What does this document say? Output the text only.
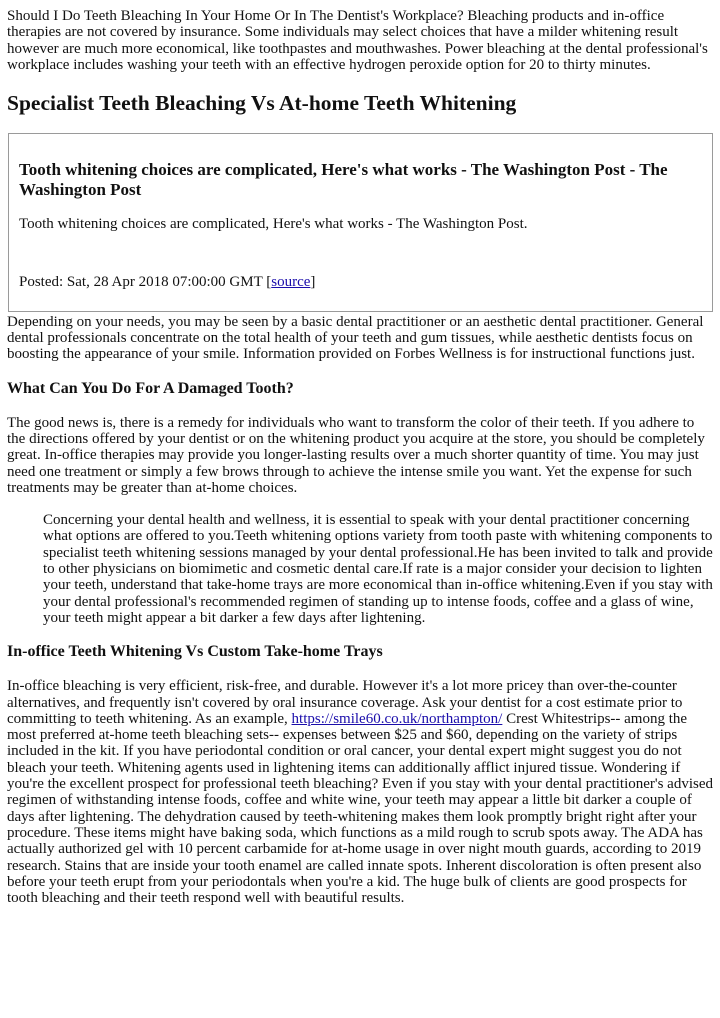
Should I Do Teeth Bleaching In Your Home Or In The Dentist's Workplace? Bleaching products and in-office therapies are not covered by insurance. Some individuals may select choices that have a milder whitening result however are much more economical, like toothpastes and mouthwashes. Power bleaching at the dental professional's workplace includes washing your teeth with an effective hydrogen peroxide option for 20 to thirty minutes.

Specialist Teeth Bleaching Vs At-home Teeth Whitening
Tooth whitening choices are complicated, Here's what works - The Washington Post - The Washington Post

Tooth whitening choices are complicated, Here's what works - The Washington Post.

Posted: Sat, 28 Apr 2018 07:00:00 GMT [source]

Depending on your needs, you may be seen by a basic dental practitioner or an aesthetic dental practitioner. General dental professionals concentrate on the total health of your teeth and gum tissues, while aesthetic dentists focus on boosting the appearance of your smile. Information provided on Forbes Wellness is for instructional functions just.

What Can You Do For A Damaged Tooth?

The good news is, there is a remedy for individuals who want to transform the color of their teeth. If you adhere to the directions offered by your dentist or on the whitening product you acquire at the store, you should be completely great. In-office therapies may provide you longer-lasting results over a much shorter quantity of time. You may just need one treatment or simply a few brows through to achieve the intense smile you want. Yet the expense for such treatments may be greater than at-home choices.

Concerning your dental health and wellness, it is essential to speak with your dental practitioner concerning what options are offered to you.Teeth whitening options variety from tooth paste with whitening components to specialist teeth whitening sessions managed by your dental professional.He has been invited to talk and provide to other physicians on biomimetic and cosmetic dental care.If rate is a major consider your decision to lighten your teeth, understand that take-home trays are more economical than in-office whitening.Even if you stay with your dental professional's recommended regimen of standing up to intense foods, coffee and a glass of wine, your teeth might appear a bit darker a few days after lightening.
In-office Teeth Whitening Vs Custom Take-home Trays

In-office bleaching is very efficient, risk-free, and durable. However it's a lot more pricey than over-the-counter alternatives, and frequently isn't covered by oral insurance coverage. Ask your dentist for a cost estimate prior to committing to teeth whitening. As an example, https://smile60.co.uk/northampton/ Crest Whitestrips-- among the most preferred at-home teeth bleaching sets-- expenses between $25 and $60, depending on the variety of strips included in the kit. If you have periodontal condition or oral cancer, your dental expert might suggest you do not bleach your teeth. Whitening agents used in lightening items can additionally afflict injured tissue. Wondering if you're the excellent prospect for professional teeth bleaching? Even if you stay with your dental practitioner's advised regimen of withstanding intense foods, coffee and white wine, your teeth may appear a little bit darker a couple of days after lightening. The dehydration caused by teeth-whitening makes them look promptly bright right after your procedure. These items might have baking soda, which functions as a mild rough to scrub spots away. The ADA has actually authorized gel with 10 percent carbamide for at-home usage in over night mouth guards, according to 2019 research. Stains that are inside your tooth enamel are called innate spots. Inherent discoloration is often present also before your teeth erupt from your periodontals when you're a kid. The huge bulk of clients are good prospects for tooth bleaching and their teeth respond well with beautiful results.
